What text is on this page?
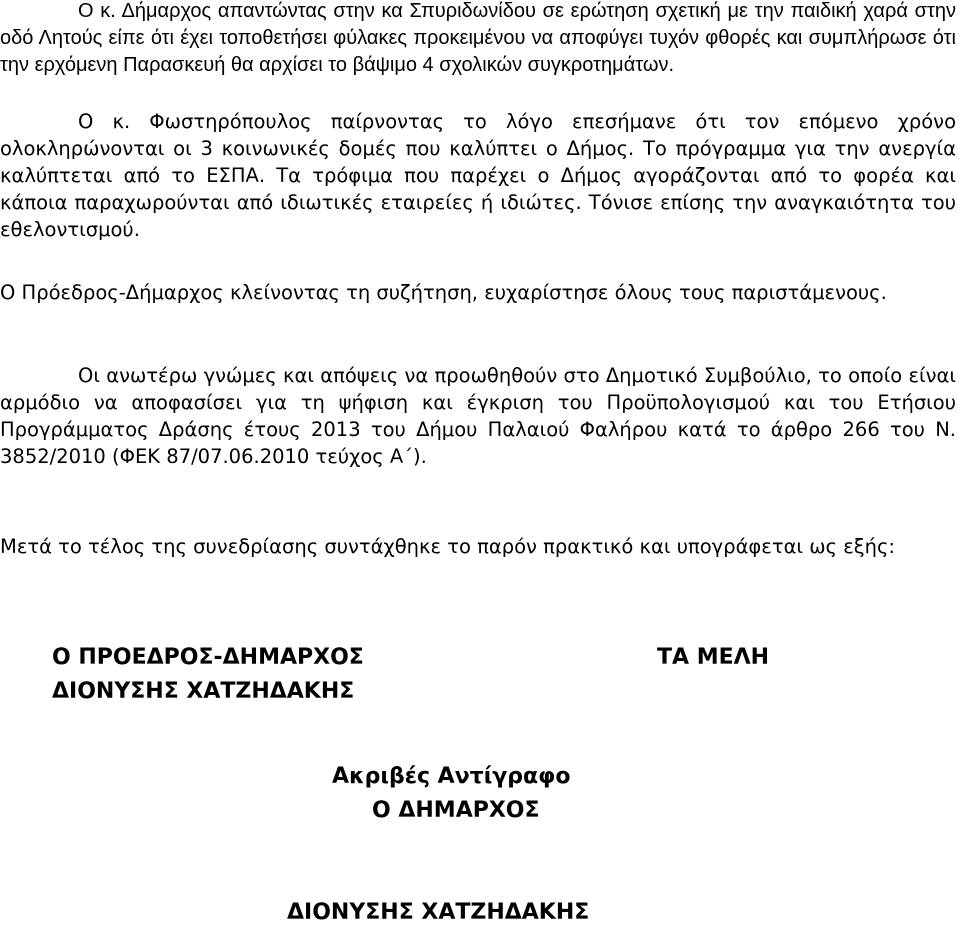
Ο κ. Δήμαρχος απαντώντας στην κα Σπυριδωνίδου σε ερώτηση σχετική με την παιδική χαρά στην οδό Λητούς είπε ότι έχει τοποθετήσει φύλακες προκειμένου να αποφύγει τυχόν φθορές και συμπλήρωσε ότι την ερχόμενη Παρασκευή θα αρχίσει το βάψιμο 4 σχολικών συγκροτημάτων.

Ο κ. Φωστηρόπουλος παίρνοντας το λόγο επεσήμανε ότι τον επόμενο χρόνο ολοκληρώνονται οι 3 κοινωνικές δομές που καλύπτει ο Δήμος. Το πρόγραμμα για την ανεργία καλύπτεται από το ΕΣΠΑ. Τα τρόφιμα που παρέχει ο Δήμος αγοράζονται από το φορέα και κάποια παραχωρούνται από ιδιωτικές εταιρείες ή ιδιώτες. Τόνισε επίσης την αναγκαιότητα του εθελοντισμού.

Ο Πρόεδρος-Δήμαρχος κλείνοντας τη συζήτηση, ευχαρίστησε όλους τους παριστάμενους.

Οι ανωτέρω γνώμες και απόψεις να προωθηθούν στο Δημοτικό Συμβούλιο, το οποίο είναι αρμόδιο να αποφασίσει για τη ψήφιση και έγκριση του Προϋπολογισμού και του Ετήσιου Προγράμματος Δράσης έτους 2013 του Δήμου Παλαιού Φαλήρου κατά το άρθρο 266 του Ν. 3852/2010 (ΦΕΚ 87/07.06.2010 τεύχος Α΄).

Μετά το τέλος της συνεδρίασης συντάχθηκε το παρόν πρακτικό και υπογράφεται ως εξής:

Ο ΠΡΟΕΔΡΟΣ-ΔΗΜΑΡΧΟΣ

ΔΙΟΝΥΣΗΣ ΧΑΤΖΗΔΑΚΗΣ

ΤΑ ΜΕΛΗ

Ακριβές Αντίγραφο

Ο ΔΗΜΑΡΧΟΣ

ΔΙΟΝΥΣΗΣ ΧΑΤΖΗΔΑΚΗΣ
